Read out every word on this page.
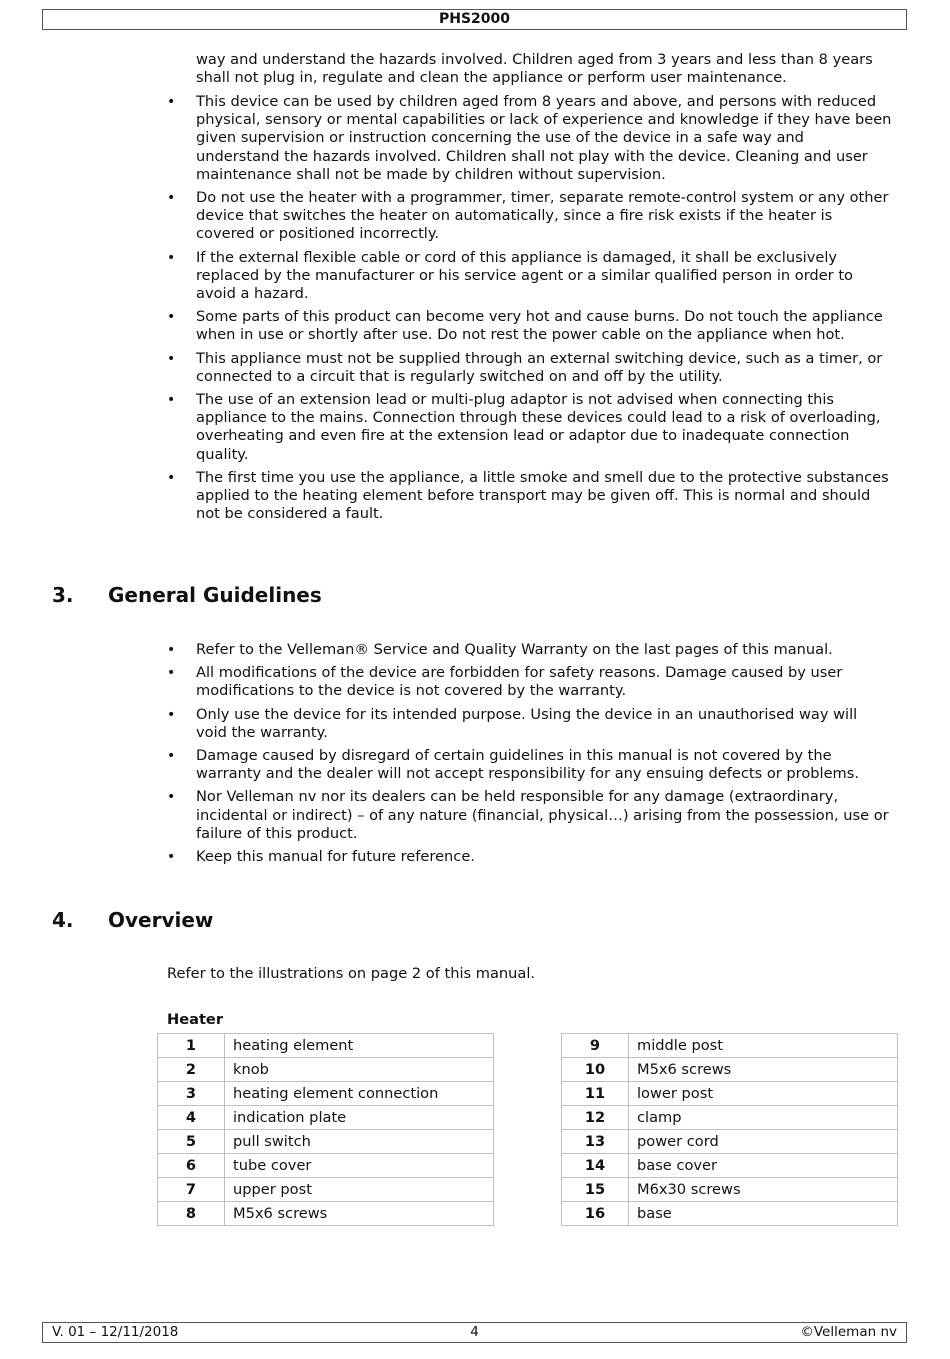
PHS2000

way and understand the hazards involved. Children aged from 3 years and less than 8 years shall not plug in, regulate and clean the appliance or perform user maintenance.

• This device can be used by children aged from 8 years and above, and persons with reduced physical, sensory or mental capabilities or lack of experience and knowledge if they have been given supervision or instruction concerning the use of the device in a safe way and understand the hazards involved. Children shall not play with the device. Cleaning and user maintenance shall not be made by children without supervision.
• Do not use the heater with a programmer, timer, separate remote-control system or any other device that switches the heater on automatically, since a fire risk exists if the heater is covered or positioned incorrectly.
• If the external flexible cable or cord of this appliance is damaged, it shall be exclusively replaced by the manufacturer or his service agent or a similar qualified person in order to avoid a hazard.
• Some parts of this product can become very hot and cause burns. Do not touch the appliance when in use or shortly after use. Do not rest the power cable on the appliance when hot.
• This appliance must not be supplied through an external switching device, such as a timer, or connected to a circuit that is regularly switched on and off by the utility.
• The use of an extension lead or multi-plug adaptor is not advised when connecting this appliance to the mains. Connection through these devices could lead to a risk of overloading, overheating and even fire at the extension lead or adaptor due to inadequate connection quality.
• The first time you use the appliance, a little smoke and smell due to the protective substances applied to the heating element before transport may be given off. This is normal and should not be considered a fault.
3. General Guidelines
• Refer to the Velleman® Service and Quality Warranty on the last pages of this manual.
• All modifications of the device are forbidden for safety reasons. Damage caused by user modifications to the device is not covered by the warranty.
• Only use the device for its intended purpose. Using the device in an unauthorised way will void the warranty.
• Damage caused by disregard of certain guidelines in this manual is not covered by the warranty and the dealer will not accept responsibility for any ensuing defects or problems.
• Nor Velleman nv nor its dealers can be held responsible for any damage (extraordinary, incidental or indirect) – of any nature (financial, physical…) arising from the possession, use or failure of this product.
• Keep this manual for future reference.
4. Overview

Refer to the illustrations on page 2 of this manual.

Heater

1	heating element
2	knob
3	heating element connection
4	indication plate
5	pull switch
6	tube cover
7	upper post
8	M5x6 screws
9	middle post
10	M5x6 screws
11	lower post
12	clamp
13	power cord
14	base cover
15	M6x30 screws
16	base
V. 01 – 12/11/2018	4	©Velleman nv
